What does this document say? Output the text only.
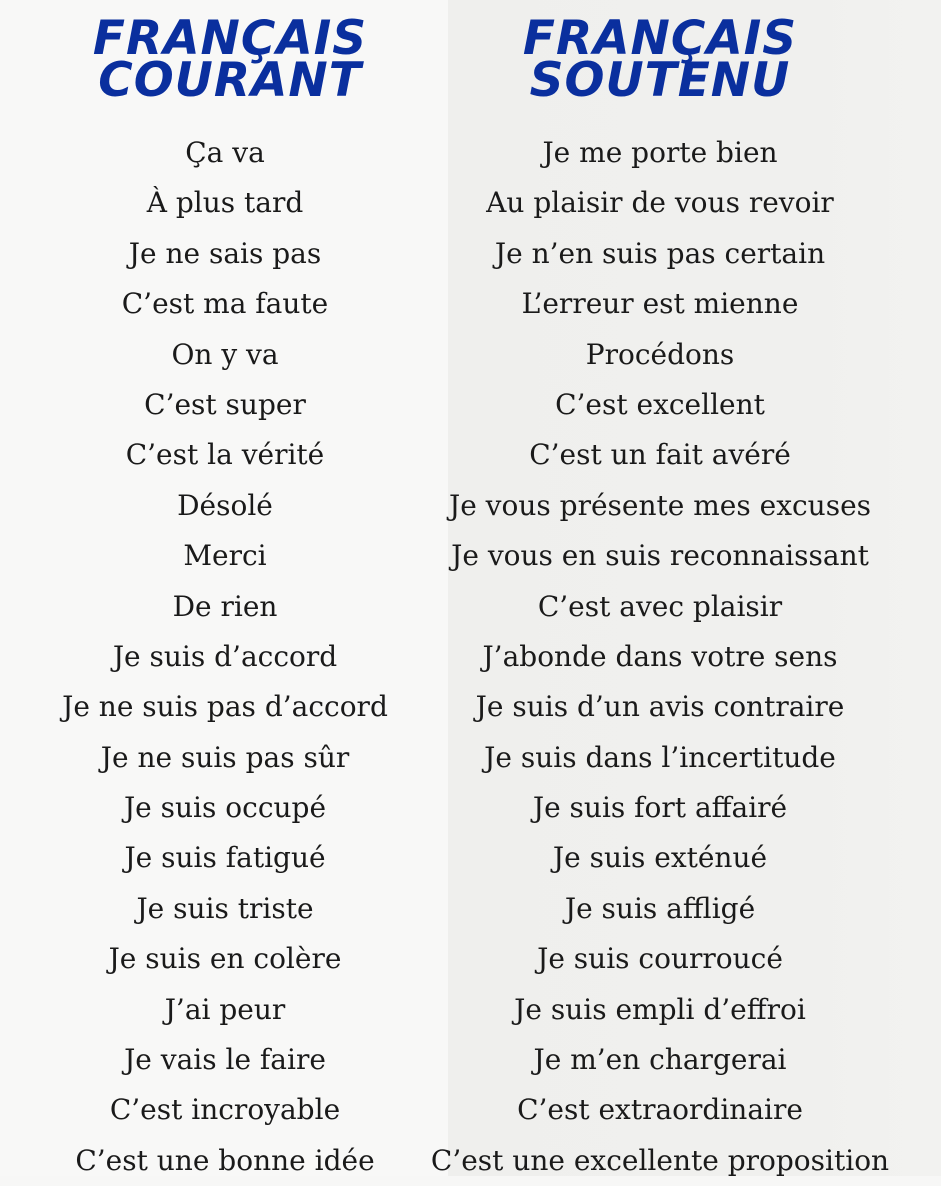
FRANÇAIS
COURANT
FRANÇAIS
SOUTENU
Ça va
À plus tard
Je ne sais pas
C’est ma faute
On y va
C’est super
C’est la vérité
Désolé
Merci
De rien
Je suis d’accord
Je ne suis pas d’accord
Je ne suis pas sûr
Je suis occupé
Je suis fatigué
Je suis triste
Je suis en colère
J’ai peur
Je vais le faire
C’est incroyable
C’est une bonne idée
Je me porte bien
Au plaisir de vous revoir
Je n’en suis pas certain
L’erreur est mienne
Procédons
C’est excellent
C’est un fait avéré
Je vous présente mes excuses
Je vous en suis reconnaissant
C’est avec plaisir
J’abonde dans votre sens
Je suis d’un avis contraire
Je suis dans l’incertitude
Je suis fort affairé
Je suis exténué
Je suis affligé
Je suis courroucé
Je suis empli d’effroi
Je m’en chargerai
C’est extraordinaire
C’est une excellente proposition
